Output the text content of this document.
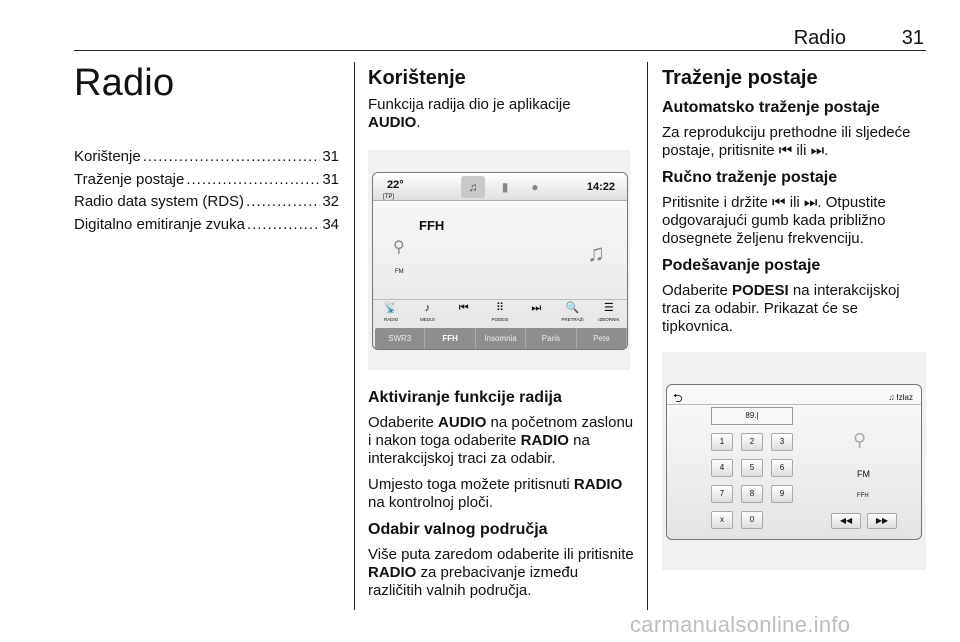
Radio	31
Radio
Korištenje .....	31
Traženje postaje .....	31
Radio data system (RDS) .....	32
Digitalno emitiranje zvuka .....	34
Korištenje

Funkcija radija dio je aplikacije
AUDIO.

22°
[TP]
♫	▮	●	14:22
⚲
FFH
FM
♫
📡
RADIO
♪
MEDIJI
⏮	⠿
PODESI
⏭	🔍
PRETRAŽI
☰
IZBORNIK
SWR3	FFH	Insomnia	Paris	Pete
Aktiviranje funkcije radija

Odaberite AUDIO na početnom zaslonu i nakon toga odaberite RADIO na interakcijskoj traci za odabir.

Umjesto toga možete pritisnuti RADIO na kontrolnoj ploči.

Odabir valnog područja

Više puta zaredom odaberite ili pritisnite RADIO za prebacivanje između različitih valnih područja.

Traženje postaje
Automatsko traženje postaje

Za reprodukciju prethodne ili sljedeće postaje, pritisnite ⏮ ili ⏭.

Ručno traženje postaje

Pritisnite i držite ⏮ ili ⏭. Otpustite odgovarajući gumb kada približno dosegnete željenu frekvenciju.

Podešavanje postaje

Odaberite PODESI na interakcijskoj traci za odabir. Prikazat će se tipkovnica.

⮌	♫ Izlaz
89.|
1	2	3
4	5	6
7	8	9
x	0
⚲
FM
FFH
◀◀	▶▶
carmanualsonline.info
